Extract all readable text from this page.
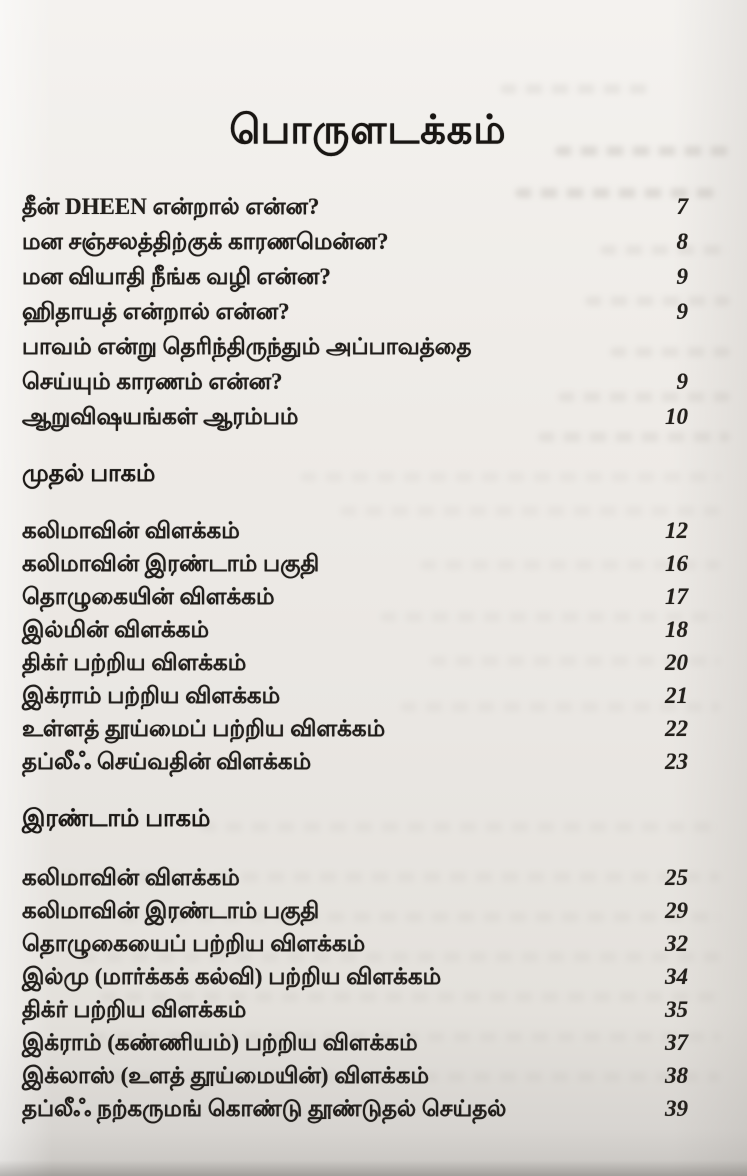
பொருளடக்கம்
தீன் DHEEN என்றால் என்ன?	7
மன சஞ்சலத்திற்குக் காரணமென்ன?	8
மன வியாதி நீங்க வழி என்ன?	9
ஹிதாயத் என்றால் என்ன?	9
பாவம் என்று தெரிந்திருந்தும் அப்பாவத்தை
செய்யும் காரணம் என்ன?	9
ஆறுவிஷயங்கள் ஆரம்பம்	10
முதல் பாகம்
கலிமாவின் விளக்கம்	12
கலிமாவின் இரண்டாம் பகுதி	16
தொழுகையின் விளக்கம்	17
இல்மின் விளக்கம்	18
திக்ர் பற்றிய விளக்கம்	20
இக்ராம் பற்றிய விளக்கம்	21
உள்ளத் தூய்மைப் பற்றிய விளக்கம்	22
தப்லீஃ செய்வதின் விளக்கம்	23
இரண்டாம் பாகம்
கலிமாவின் விளக்கம்	25
கலிமாவின் இரண்டாம் பகுதி	29
தொழுகையைப் பற்றிய விளக்கம்	32
இல்மு (மார்க்கக் கல்வி) பற்றிய விளக்கம்	34
திக்ர் பற்றிய விளக்கம்	35
இக்ராம் (கண்ணியம்) பற்றிய விளக்கம்	37
இக்லாஸ் (உளத் தூய்மையின்) விளக்கம்	38
தப்லீஃ நற்கருமங் கொண்டு தூண்டுதல் செய்தல்	39
